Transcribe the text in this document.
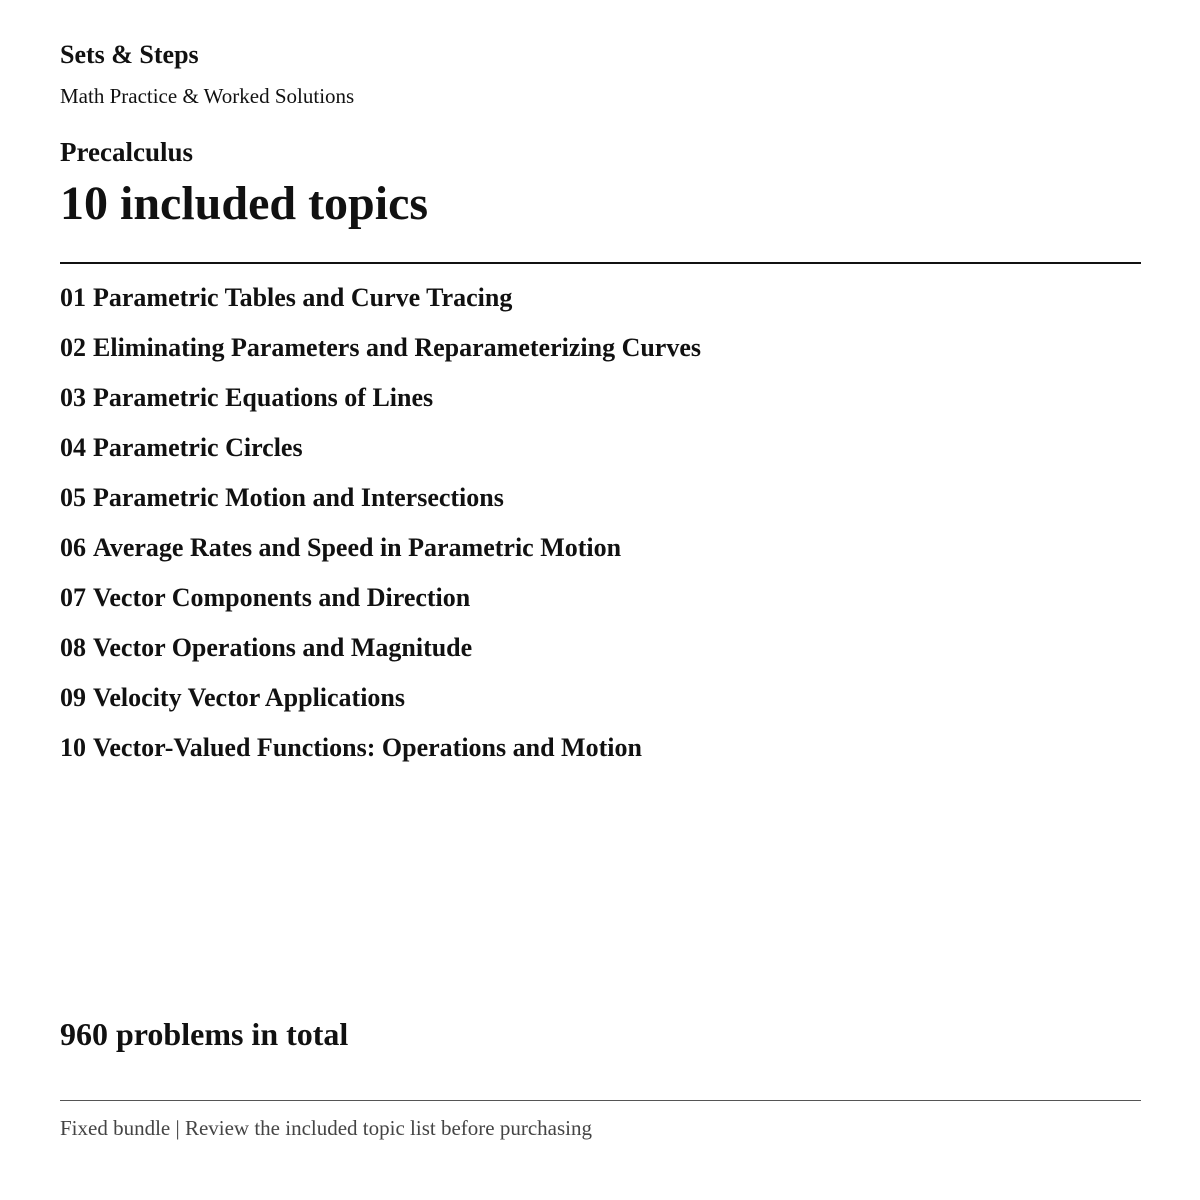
Sets & Steps
Math Practice & Worked Solutions
Precalculus
10 included topics
01 Parametric Tables and Curve Tracing
02 Eliminating Parameters and Reparameterizing Curves
03 Parametric Equations of Lines
04 Parametric Circles
05 Parametric Motion and Intersections
06 Average Rates and Speed in Parametric Motion
07 Vector Components and Direction
08 Vector Operations and Magnitude
09 Velocity Vector Applications
10 Vector-Valued Functions: Operations and Motion
960 problems in total
Fixed bundle | Review the included topic list before purchasing
